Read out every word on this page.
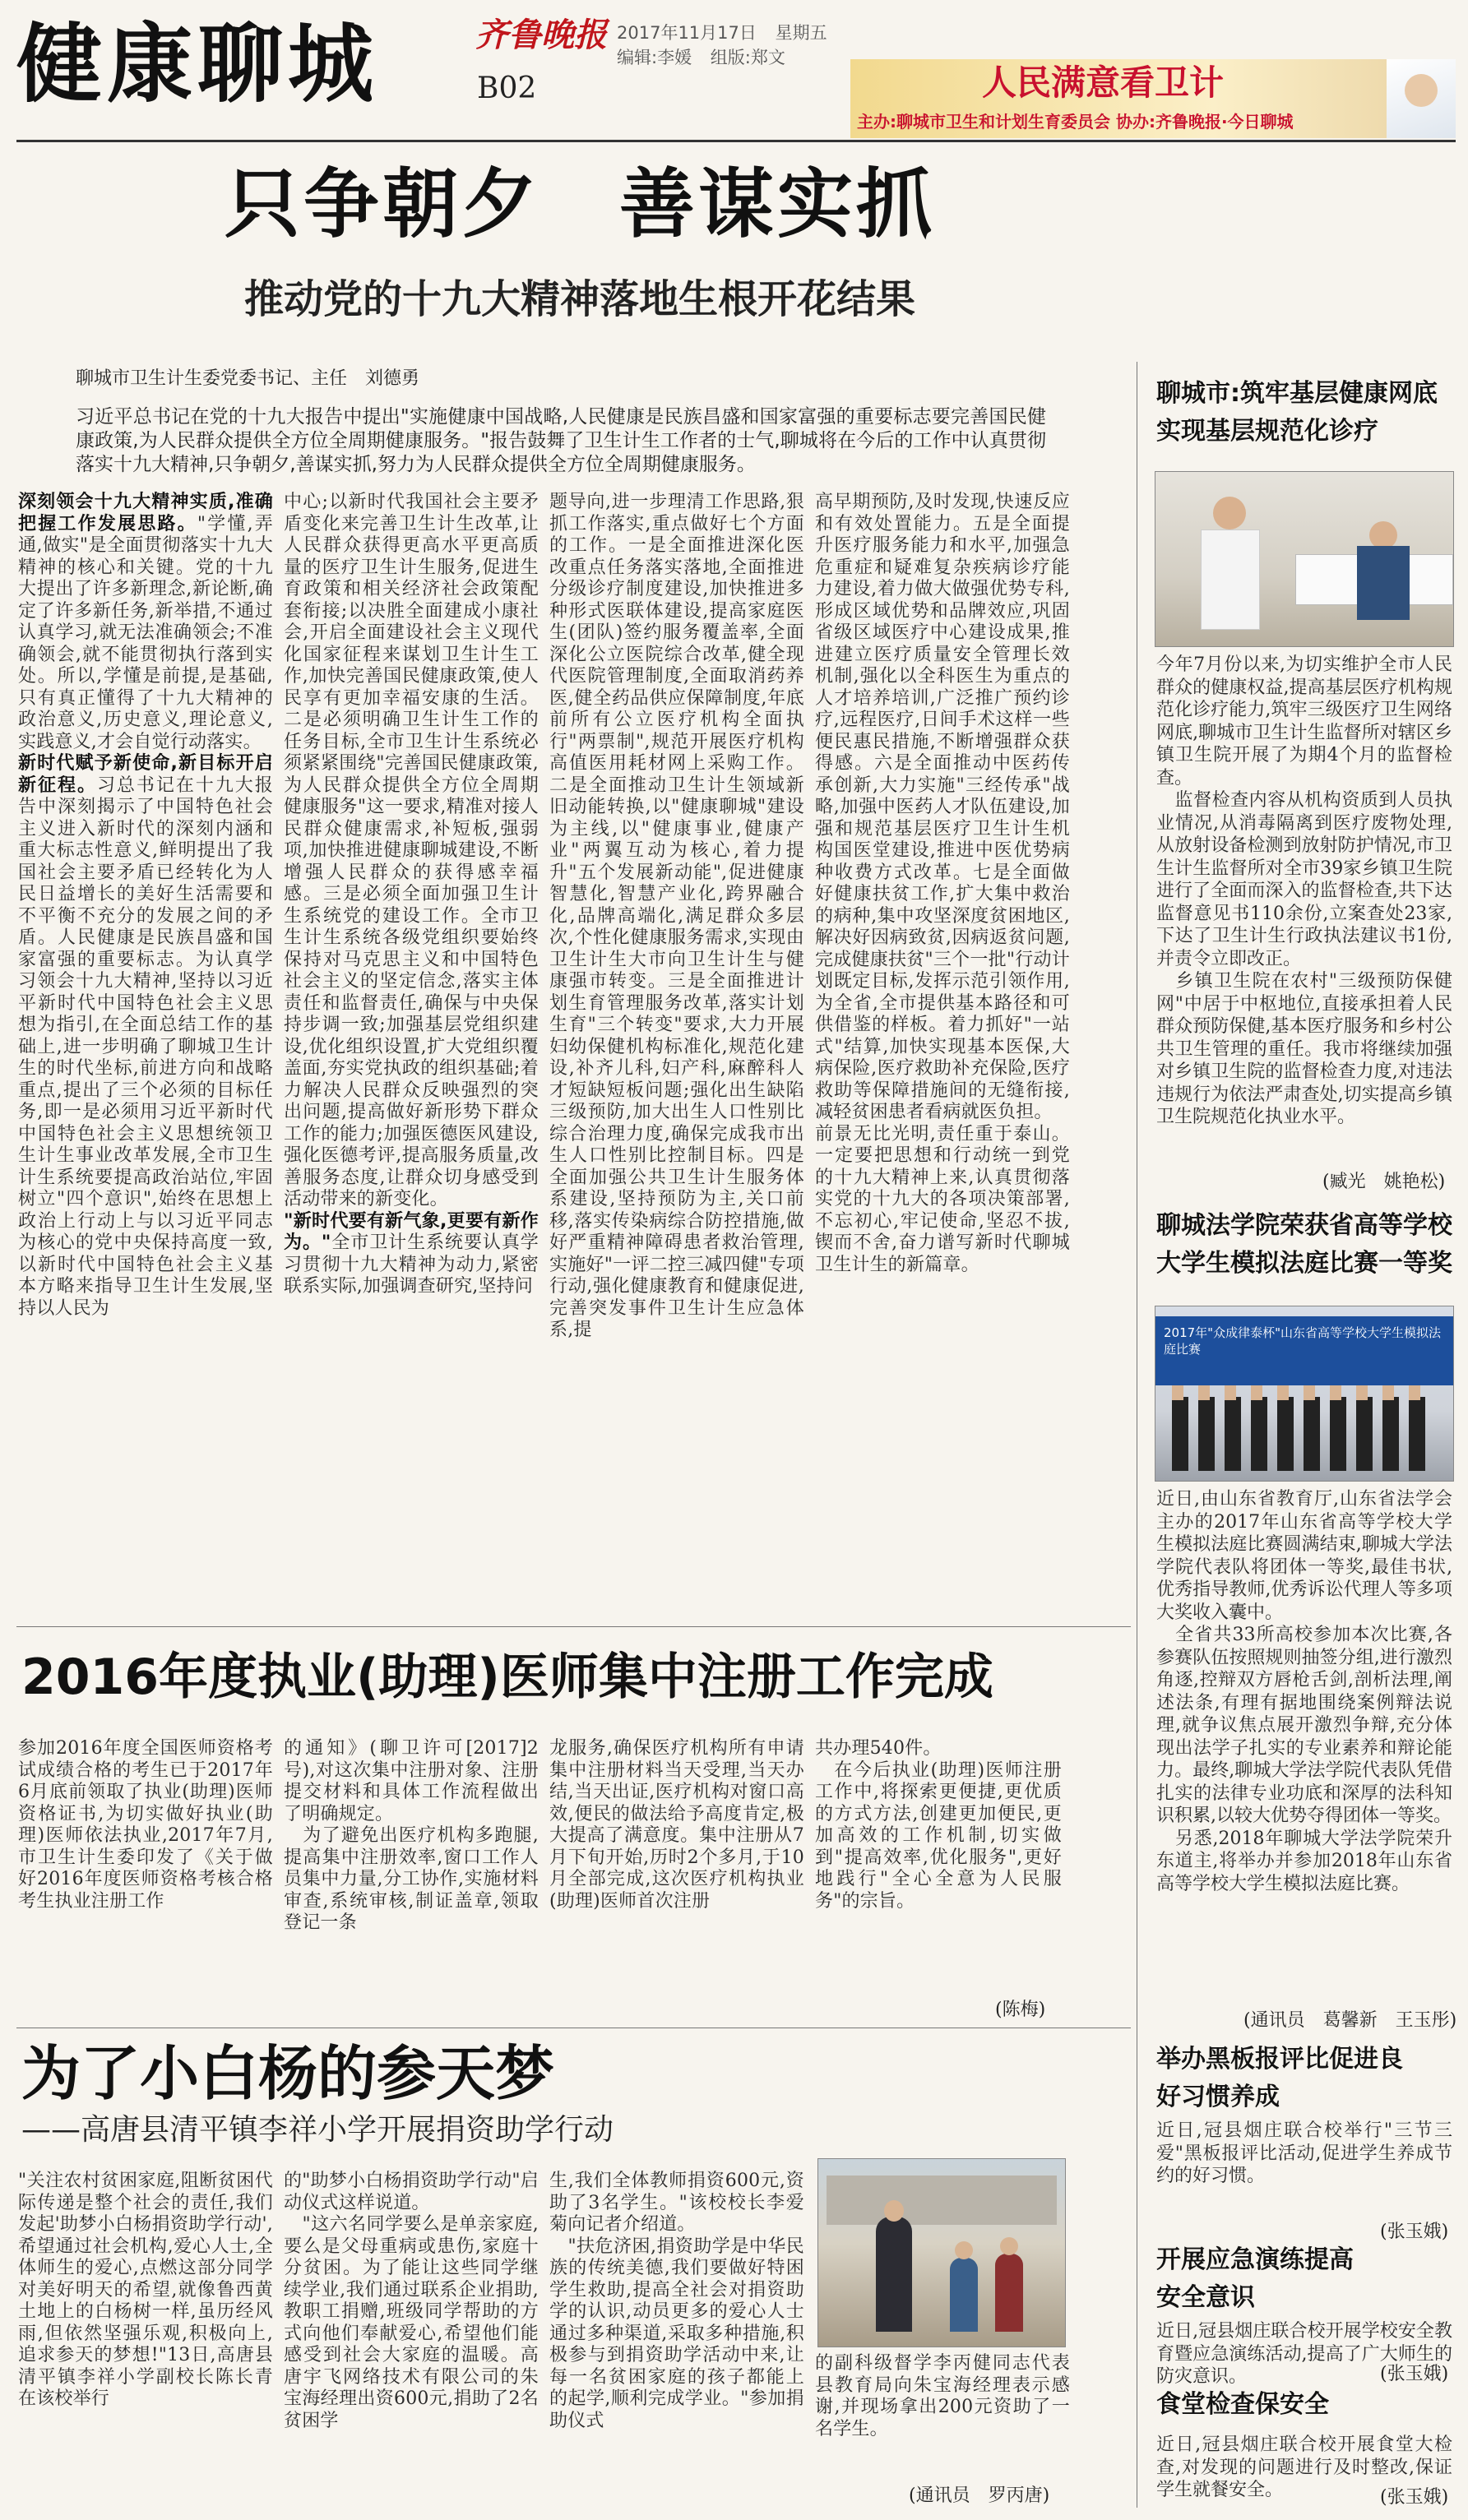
健康聊城	齐鲁晚报
B02
2017年11月17日 星期五
编辑:李媛 组版:郑文
人民满意看卫计
主办:聊城市卫生和计划生育委员会 协办:齐鲁晚报·今日聊城
只争朝夕　善谋实抓
推动党的十九大精神落地生根开花结果
聊城市卫生计生委党委书记、主任　刘德勇
习近平总书记在党的十九大报告中提出"实施健康中国战略,人民健康是民族昌盛和国家富强的重要标志要完善国民健康政策,为人民群众提供全方位全周期健康服务。"报告鼓舞了卫生计生工作者的士气,聊城将在今后的工作中认真贯彻落实十九大精神,只争朝夕,善谋实抓,努力为人民群众提供全方位全周期健康服务。
深刻领会十九大精神实质,准确把握工作发展思路。"学懂,弄通,做实"是全面贯彻落实十九大精神的核心和关键。党的十九大提出了许多新理念,新论断,确定了许多新任务,新举措,不通过认真学习,就无法准确领会;不准确领会,就不能贯彻执行落到实处。所以,学懂是前提,是基础,只有真正懂得了十九大精神的政治意义,历史意义,理论意义,实践意义,才会自觉行动落实。
新时代赋予新使命,新目标开启新征程。习总书记在十九大报告中深刻揭示了中国特色社会主义进入新时代的深刻内涵和重大标志性意义,鲜明提出了我国社会主要矛盾已经转化为人民日益增长的美好生活需要和不平衡不充分的发展之间的矛盾。人民健康是民族昌盛和国家富强的重要标志。为认真学习领会十九大精神,坚持以习近平新时代中国特色社会主义思想为指引,在全面总结工作的基础上,进一步明确了聊城卫生计生的时代坐标,前进方向和战略重点,提出了三个必须的目标任务,即一是必须用习近平新时代中国特色社会主义思想统领卫生计生事业改革发展,全市卫生计生系统要提高政治站位,牢固树立"四个意识",始终在思想上政治上行动上与以习近平同志为核心的党中央保持高度一致,以新时代中国特色社会主义基本方略来指导卫生计生发展,坚持以人民为
中心;以新时代我国社会主要矛盾变化来完善卫生计生改革,让人民群众获得更高水平更高质量的医疗卫生计生服务,促进生育政策和相关经济社会政策配套衔接;以决胜全面建成小康社会,开启全面建设社会主义现代化国家征程来谋划卫生计生工作,加快完善国民健康政策,使人民享有更加幸福安康的生活。二是必须明确卫生计生工作的任务目标,全市卫生计生系统必须紧紧围绕"完善国民健康政策,为人民群众提供全方位全周期健康服务"这一要求,精准对接人民群众健康需求,补短板,强弱项,加快推进健康聊城建设,不断增强人民群众的获得感幸福感。三是必须全面加强卫生计生系统党的建设工作。全市卫生计生系统各级党组织要始终保持对马克思主义和中国特色社会主义的坚定信念,落实主体责任和监督责任,确保与中央保持步调一致;加强基层党组织建设,优化组织设置,扩大党组织覆盖面,夯实党执政的组织基础;着力解决人民群众反映强烈的突出问题,提高做好新形势下群众工作的能力;加强医德医风建设,强化医德考评,提高服务质量,改善服务态度,让群众切身感受到活动带来的新变化。
"新时代要有新气象,更要有新作为。"全市卫计生系统要认真学习贯彻十九大精神为动力,紧密联系实际,加强调查研究,坚持问
题导向,进一步理清工作思路,狠抓工作落实,重点做好七个方面的工作。一是全面推进深化医改重点任务落实落地,全面推进分级诊疗制度建设,加快推进多种形式医联体建设,提高家庭医生(团队)签约服务覆盖率,全面深化公立医院综合改革,健全现代医院管理制度,全面取消药养医,健全药品供应保障制度,年底前所有公立医疗机构全面执行"两票制",规范开展医疗机构高值医用耗材网上采购工作。二是全面推动卫生计生领域新旧动能转换,以"健康聊城"建设为主线,以"健康事业,健康产业"两翼互动为核心,着力提升"五个发展新动能",促进健康智慧化,智慧产业化,跨界融合化,品牌高端化,满足群众多层次,个性化健康服务需求,实现由卫生计生大市向卫生计生与健康强市转变。三是全面推进计划生育管理服务改革,落实计划生育"三个转变"要求,大力开展妇幼保健机构标准化,规范化建设,补齐儿科,妇产科,麻醉科人才短缺短板问题;强化出生缺陷三级预防,加大出生人口性别比综合治理力度,确保完成我市出生人口性别比控制目标。四是全面加强公共卫生计生服务体系建设,坚持预防为主,关口前移,落实传染病综合防控措施,做好严重精神障碍患者救治管理,实施好"一评二控三减四健"专项行动,强化健康教育和健康促进,完善突发事件卫生计生应急体系,提
高早期预防,及时发现,快速反应和有效处置能力。五是全面提升医疗服务能力和水平,加强急危重症和疑难复杂疾病诊疗能力建设,着力做大做强优势专科,形成区域优势和品牌效应,巩固省级区域医疗中心建设成果,推进建立医疗质量安全管理长效机制,强化以全科医生为重点的人才培养培训,广泛推广预约诊疗,远程医疗,日间手术这样一些便民惠民措施,不断增强群众获得感。六是全面推动中医药传承创新,大力实施"三经传承"战略,加强中医药人才队伍建设,加强和规范基层医疗卫生计生机构国医堂建设,推进中医优势病种收费方式改革。七是全面做好健康扶贫工作,扩大集中救治的病种,集中攻坚深度贫困地区,解决好因病致贫,因病返贫问题,完成健康扶贫"三个一批"行动计划既定目标,发挥示范引领作用,为全省,全市提供基本路径和可供借鉴的样板。着力抓好"一站式"结算,加快实现基本医保,大病保险,医疗救助补充保险,医疗救助等保障措施间的无缝衔接,减轻贫困患者看病就医负担。
前景无比光明,责任重于泰山。一定要把思想和行动统一到党的十九大精神上来,认真贯彻落实党的十九大的各项决策部署,不忘初心,牢记使命,坚忍不拔,锲而不舍,奋力谱写新时代聊城卫生计生的新篇章。
2016年度执业(助理)医师集中注册工作完成
参加2016年度全国医师资格考试成绩合格的考生已于2017年6月底前领取了执业(助理)医师资格证书,为切实做好执业(助理)医师依法执业,2017年7月,市卫生计生委印发了《关于做好2016年度医师资格考核合格考生执业注册工作
的通知》(聊卫许可[2017]2号),对这次集中注册对象、注册提交材料和具体工作流程做出了明确规定。
　为了避免出医疗机构多跑腿,提高集中注册效率,窗口工作人员集中力量,分工协作,实施材料审查,系统审核,制证盖章,领取登记一条
龙服务,确保医疗机构所有申请集中注册材料当天受理,当天办结,当天出证,医疗机构对窗口高效,便民的做法给予高度肯定,极大提高了满意度。集中注册从7月下旬开始,历时2个多月,于10月全部完成,这次医疗机构执业(助理)医师首次注册
共办理540件。
　在今后执业(助理)医师注册工作中,将探索更便捷,更优质的方式方法,创建更加便民,更加高效的工作机制,切实做到"提高效率,优化服务",更好地践行"全心全意为人民服务"的宗旨。
(陈梅)
为了小白杨的参天梦
——高唐县清平镇李祥小学开展捐资助学行动
"关注农村贫困家庭,阻断贫困代际传递是整个社会的责任,我们发起'助梦小白杨捐资助学行动',希望通过社会机构,爱心人士,全体师生的爱心,点燃这部分同学对美好明天的希望,就像鲁西黄土地上的白杨树一样,虽历经风雨,但依然坚强乐观,积极向上,追求参天的梦想!"13日,高唐县清平镇李祥小学副校长陈长青在该校举行
的"助梦小白杨捐资助学行动"启动仪式这样说道。
　"这六名同学要么是单亲家庭,要么是父母重病或患伤,家庭十分贫困。为了能让这些同学继续学业,我们通过联系企业捐助,教职工捐赠,班级同学帮助的方式向他们奉献爱心,希望他们能感受到社会大家庭的温暖。高唐宇飞网络技术有限公司的朱宝海经理出资600元,捐助了2名贫困学
生,我们全体教师捐资600元,资助了3名学生。"该校校长李爱菊向记者介绍道。
　"扶危济困,捐资助学是中华民族的传统美德,我们要做好特困学生救助,提高全社会对捐资助学的认识,动员更多的爱心人士通过多种渠道,采取多种措施,积极参与到捐资助学活动中来,让每一名贫困家庭的孩子都能上的起学,顺利完成学业。"参加捐助仪式
的副科级督学李丙健同志代表县教育局向朱宝海经理表示感谢,并现场拿出200元资助了一名学生。
(通讯员　罗丙唐)
聊城市:筑牢基层健康网底实现基层规范化诊疗
今年7月份以来,为切实维护全市人民群众的健康权益,提高基层医疗机构规范化诊疗能力,筑牢三级医疗卫生网络网底,聊城市卫生计生监督所对辖区乡镇卫生院开展了为期4个月的监督检查。
　监督检查内容从机构资质到人员执业情况,从消毒隔离到医疗废物处理,从放射设备检测到放射防护情况,市卫生计生监督所对全市39家乡镇卫生院进行了全面而深入的监督检查,共下达监督意见书110余份,立案查处23家,下达了卫生计生行政执法建议书1份,并责令立即改正。
　乡镇卫生院在农村"三级预防保健网"中居于中枢地位,直接承担着人民群众预防保健,基本医疗服务和乡村公共卫生管理的重任。我市将继续加强对乡镇卫生院的监督检查力度,对违法违规行为依法严肃查处,切实提高乡镇卫生院规范化执业水平。
(臧光　姚艳松)
聊城法学院荣获省高等学校大学生模拟法庭比赛一等奖
2017年"众成律泰杯"山东省高等学校大学生模拟法庭比赛
近日,由山东省教育厅,山东省法学会主办的2017年山东省高等学校大学生模拟法庭比赛圆满结束,聊城大学法学院代表队将团体一等奖,最佳书状,优秀指导教师,优秀诉讼代理人等多项大奖收入囊中。
　全省共33所高校参加本次比赛,各参赛队伍按照规则抽签分组,进行激烈角逐,控辩双方唇枪舌剑,剖析法理,阐述法条,有理有据地围绕案例辩法说理,就争议焦点展开激烈争辩,充分体现出法学子扎实的专业素养和辩论能力。最终,聊城大学法学院代表队凭借扎实的法律专业功底和深厚的法科知识积累,以较大优势夺得团体一等奖。
　另悉,2018年聊城大学法学院荣升东道主,将举办并参加2018年山东省高等学校大学生模拟法庭比赛。
(通讯员　葛馨新　王玉彤)
举办黑板报评比促进良好习惯养成
近日,冠县烟庄联合校举行"三节三爱"黑板报评比活动,促进学生养成节约的好习惯。
(张玉娥)
开展应急演练提高安全意识
近日,冠县烟庄联合校开展学校安全教育暨应急演练活动,提高了广大师生的防灾意识。	(张玉娥)
食堂检查保安全
近日,冠县烟庄联合校开展食堂大检查,对发现的问题进行及时整改,保证学生就餐安全。	(张玉娥)
